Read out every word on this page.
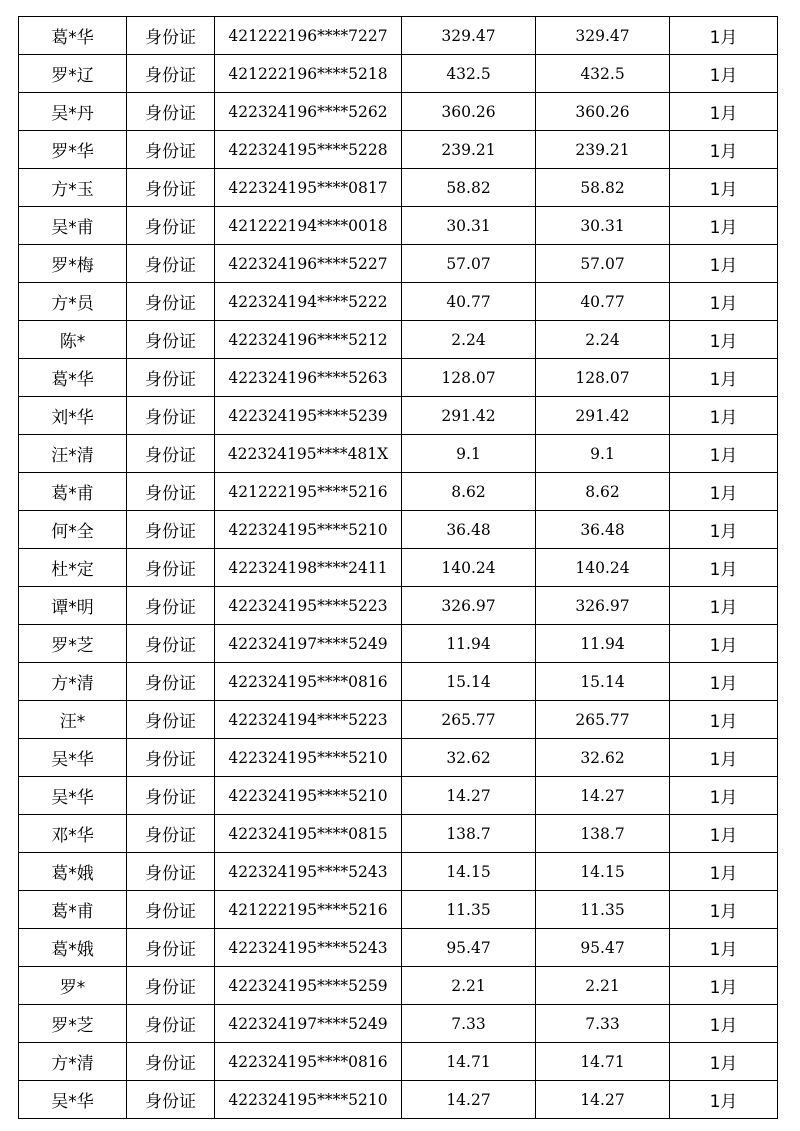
葛*华	身份证	421222196****7227	329.47	329.47	1月
罗*辽	身份证	421222196****5218	432.5	432.5	1月
吴*丹	身份证	422324196****5262	360.26	360.26	1月
罗*华	身份证	422324195****5228	239.21	239.21	1月
方*玉	身份证	422324195****0817	58.82	58.82	1月
吴*甫	身份证	421222194****0018	30.31	30.31	1月
罗*梅	身份证	422324196****5227	57.07	57.07	1月
方*员	身份证	422324194****5222	40.77	40.77	1月
陈*	身份证	422324196****5212	2.24	2.24	1月
葛*华	身份证	422324196****5263	128.07	128.07	1月
刘*华	身份证	422324195****5239	291.42	291.42	1月
汪*清	身份证	422324195****481X	9.1	9.1	1月
葛*甫	身份证	421222195****5216	8.62	8.62	1月
何*全	身份证	422324195****5210	36.48	36.48	1月
杜*定	身份证	422324198****2411	140.24	140.24	1月
谭*明	身份证	422324195****5223	326.97	326.97	1月
罗*芝	身份证	422324197****5249	11.94	11.94	1月
方*清	身份证	422324195****0816	15.14	15.14	1月
汪*	身份证	422324194****5223	265.77	265.77	1月
吴*华	身份证	422324195****5210	32.62	32.62	1月
吴*华	身份证	422324195****5210	14.27	14.27	1月
邓*华	身份证	422324195****0815	138.7	138.7	1月
葛*娥	身份证	422324195****5243	14.15	14.15	1月
葛*甫	身份证	421222195****5216	11.35	11.35	1月
葛*娥	身份证	422324195****5243	95.47	95.47	1月
罗*	身份证	422324195****5259	2.21	2.21	1月
罗*芝	身份证	422324197****5249	7.33	7.33	1月
方*清	身份证	422324195****0816	14.71	14.71	1月
吴*华	身份证	422324195****5210	14.27	14.27	1月
